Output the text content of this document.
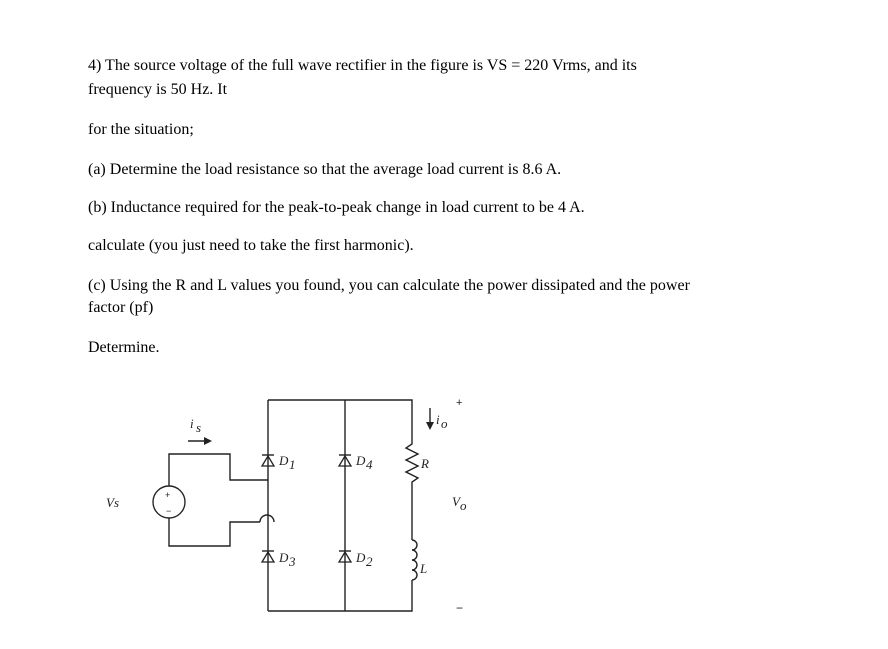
4) The source voltage of the full wave rectifier in the figure is VS = 220 Vrms, and its
frequency is 50 Hz. It
for the situation;
(a) Determine the load resistance so that the average load current is 8.6 A.
(b) Inductance required for the peak-to-peak change in load current to be 4 A.
calculate (you just need to take the first harmonic).
(c) Using the R and L values you found, you can calculate the power dissipated and the power
factor (pf)
Determine.
+
−
Vs
i s
D 1	D 4
D 3	D 2
i o
R
L
+
V o
−
